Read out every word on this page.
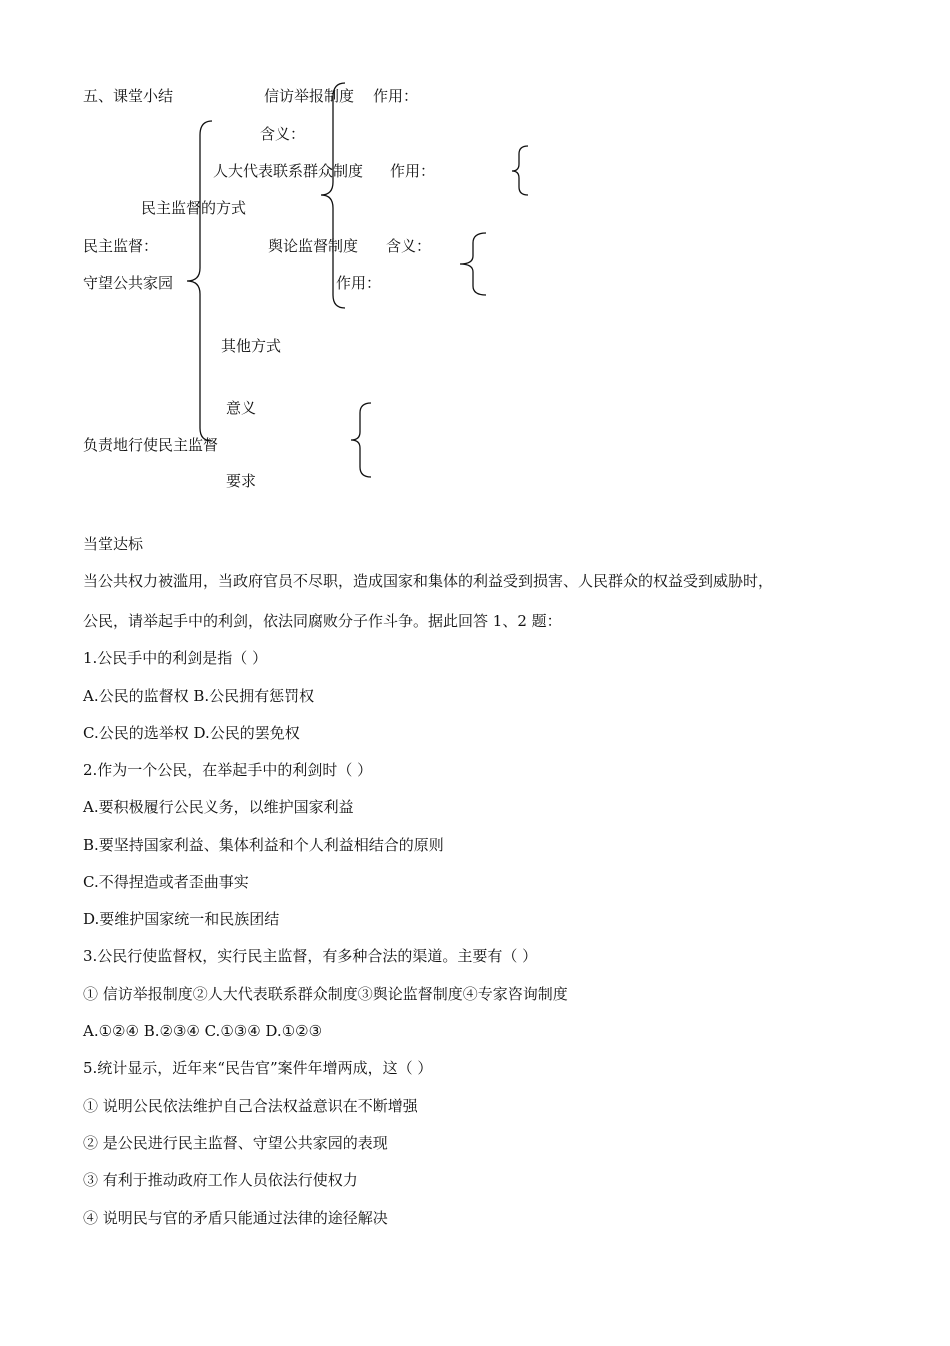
五、课堂小结	信访举报制度 作用：
含义：
人大代表联系群众制度 作用：
民主监督的方式
民主监督：	舆论监督制度 含义：
守望公共家园	作用：
其他方式
意义
负责地行使民主监督
要求
当堂达标
当公共权力被滥用，当政府官员不尽职，造成国家和集体的利益受到损害、人民群众的权益受到威胁时，
公民，请举起手中的利剑，依法同腐败分子作斗争。据此回答 1、2 题：
1.公民手中的利剑是指（ ）
A.公民的监督权 B.公民拥有惩罚权
C.公民的选举权 D.公民的罢免权
2.作为一个公民，在举起手中的利剑时（ ）
A.要积极履行公民义务，以维护国家利益
B.要坚持国家利益、集体利益和个人利益相结合的原则
C.不得捏造或者歪曲事实
D.要维护国家统一和民族团结
3.公民行使监督权，实行民主监督，有多种合法的渠道。主要有（ ）
① 信访举报制度②人大代表联系群众制度③舆论监督制度④专家咨询制度
A.①②④ B.②③④ C.①③④ D.①②③
5.统计显示，近年来“民告官”案件年增两成，这（ ）
① 说明公民依法维护自己合法权益意识在不断增强
② 是公民进行民主监督、守望公共家园的表现
③ 有利于推动政府工作人员依法行使权力
④ 说明民与官的矛盾只能通过法律的途径解决
